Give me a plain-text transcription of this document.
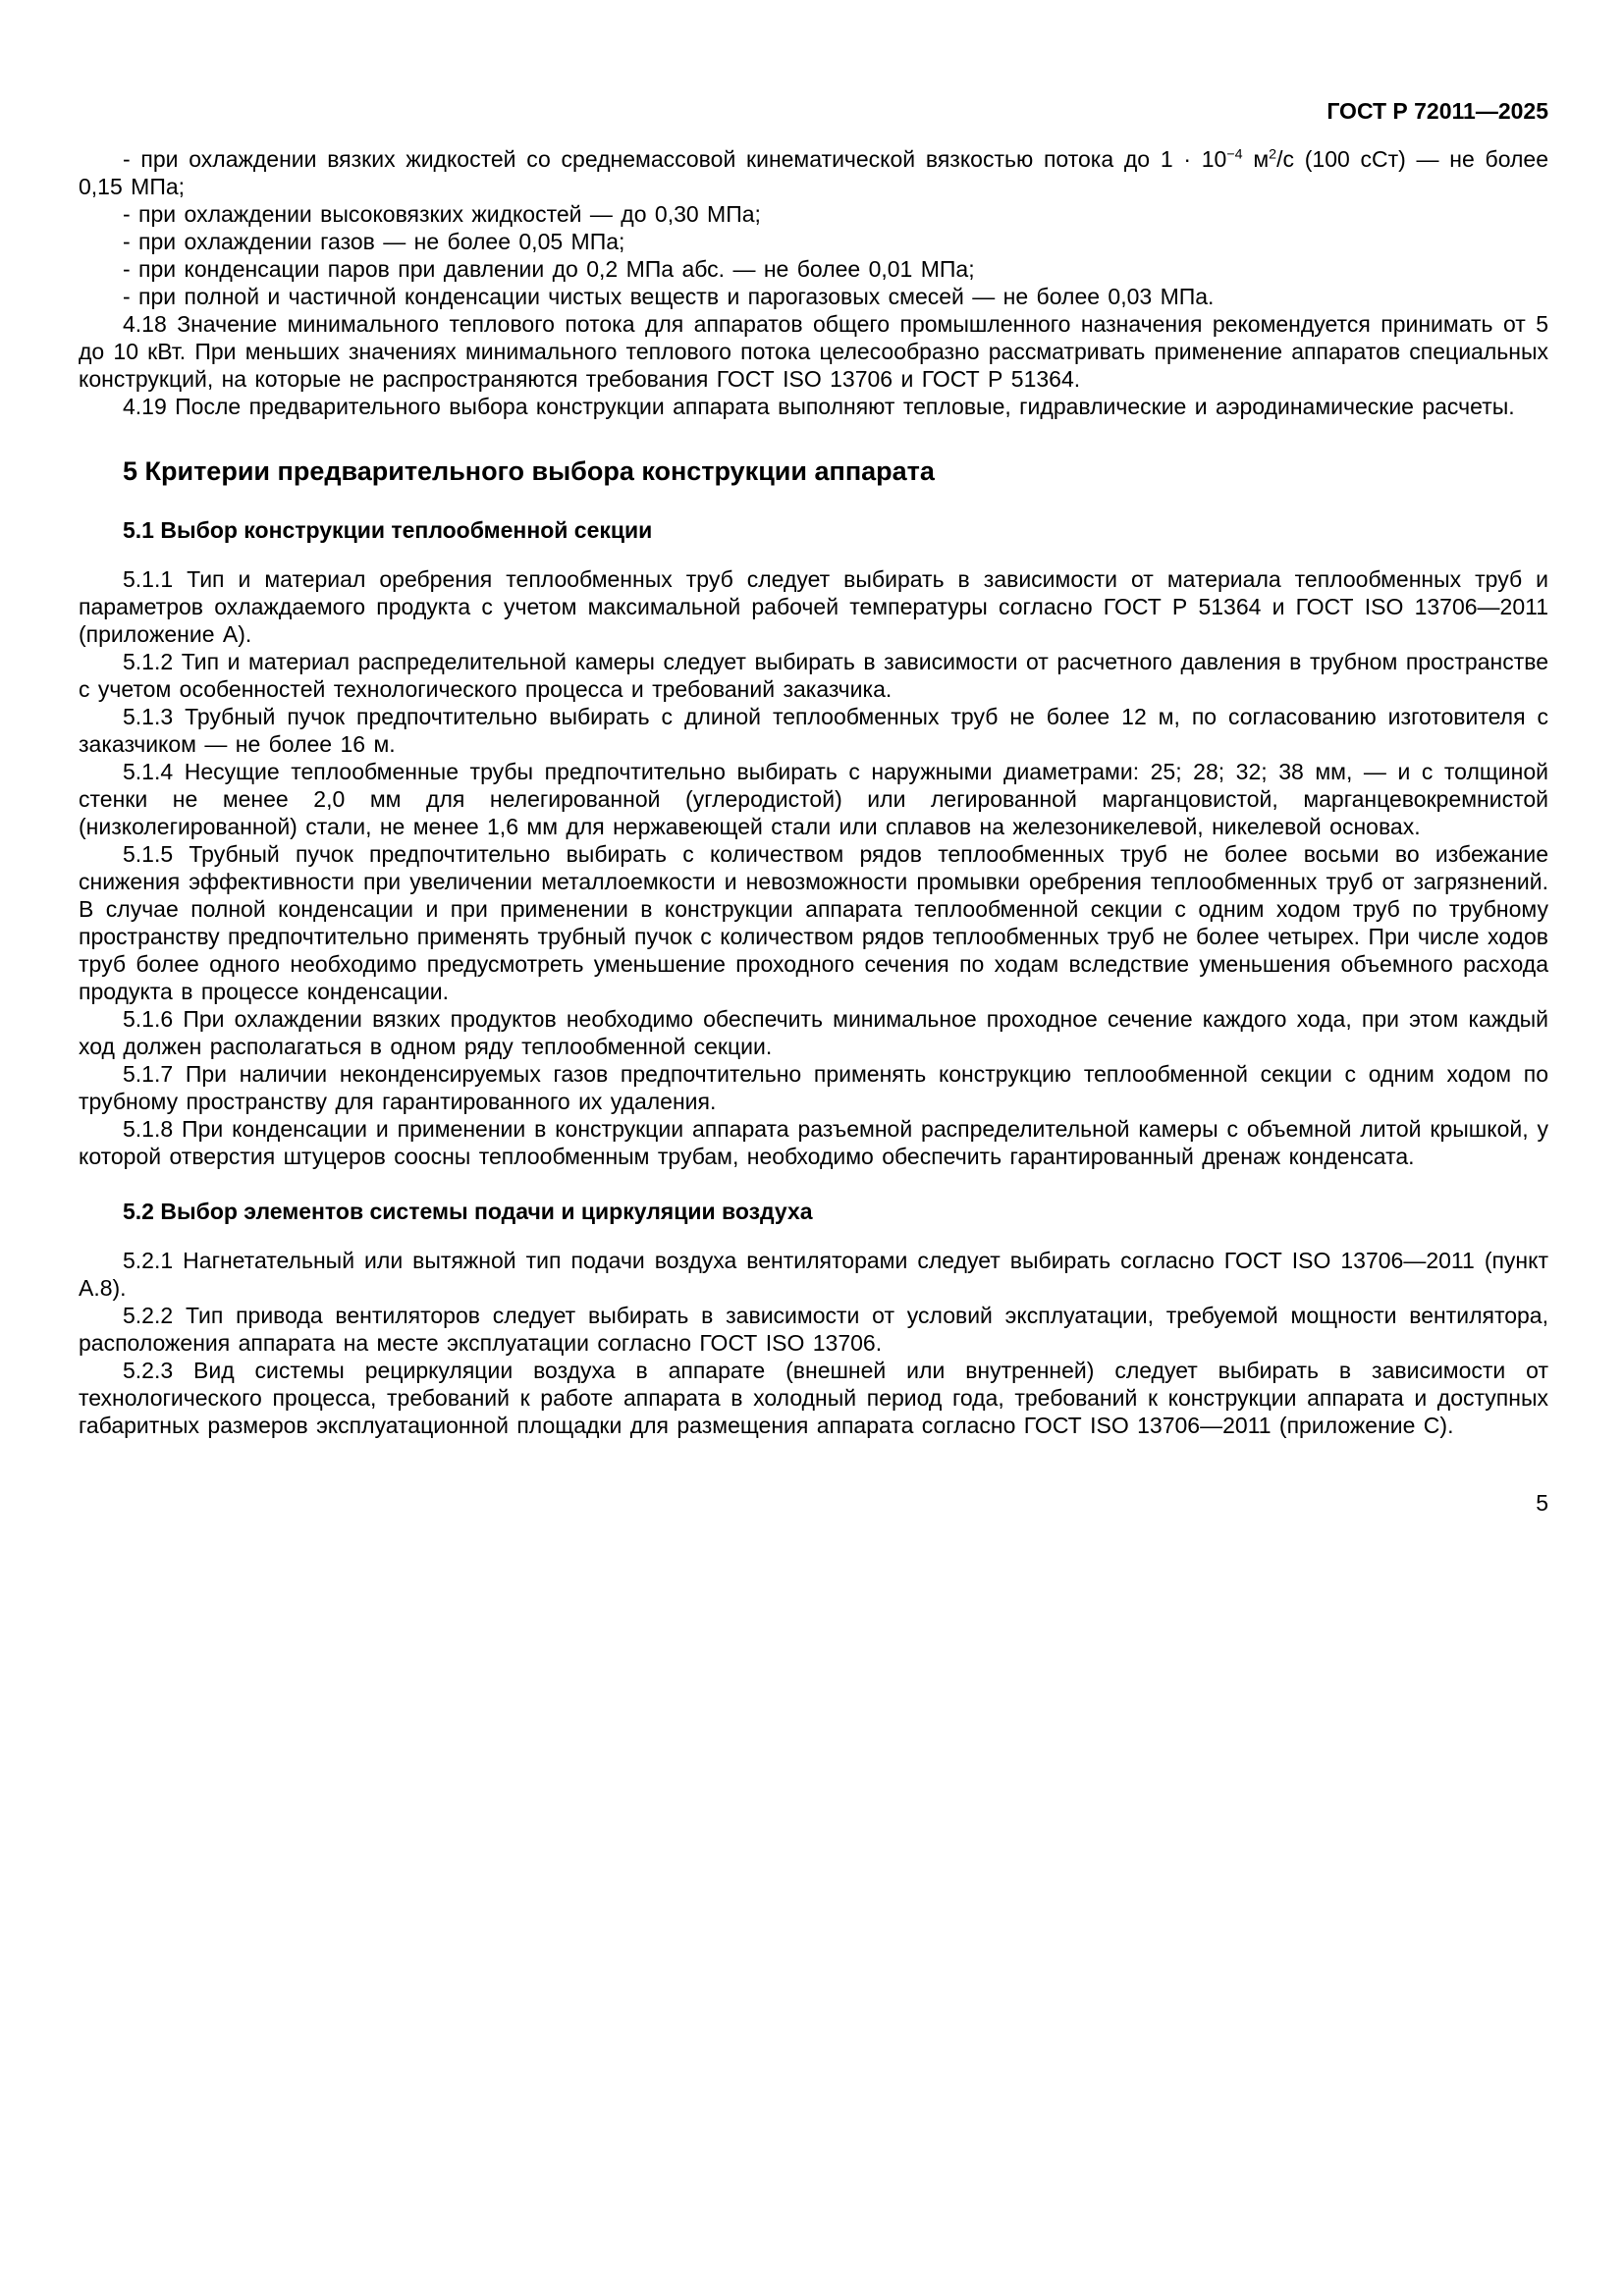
ГОСТ Р 72011—2025

- при охлаждении вязких жидкостей со среднемассовой кинематической вязкостью потока до $1 \cdot 10^{-4}$ $м^2/с$ (100 сСт) — не более 0,15 МПа;

- при охлаждении высоковязких жидкостей — до 0,30 МПа;

- при охлаждении газов — не более 0,05 МПа;

- при конденсации паров при давлении до 0,2 МПа абс. — не более 0,01 МПа;

- при полной и частичной конденсации чистых веществ и парогазовых смесей — не более 0,03 МПа.

4.18 Значение минимального теплового потока для аппаратов общего промышленного назначения рекомендуется принимать от 5 до 10 кВт. При меньших значениях минимального теплового потока целесообразно рассматривать применение аппаратов специальных конструкций, на которые не распространяются требования ГОСТ ISO 13706 и ГОСТ Р 51364.

4.19 После предварительного выбора конструкции аппарата выполняют тепловые, гидравлические и аэродинамические расчеты.

5 Критерии предварительного выбора конструкции аппарата
5.1 Выбор конструкции теплообменной секции

5.1.1 Тип и материал оребрения теплообменных труб следует выбирать в зависимости от материала теплообменных труб и параметров охлаждаемого продукта с учетом максимальной рабочей температуры согласно ГОСТ Р 51364 и ГОСТ ISO 13706—2011 (приложение А).

5.1.2 Тип и материал распределительной камеры следует выбирать в зависимости от расчетного давления в трубном пространстве с учетом особенностей технологического процесса и требований заказчика.

5.1.3 Трубный пучок предпочтительно выбирать с длиной теплообменных труб не более 12 м, по согласованию изготовителя с заказчиком — не более 16 м.

5.1.4 Несущие теплообменные трубы предпочтительно выбирать с наружными диаметрами: 25; 28; 32; 38 мм, — и с толщиной стенки не менее 2,0 мм для нелегированной (углеродистой) или легированной марганцовистой, марганцевокремнистой (низколегированной) стали, не менее 1,6 мм для нержавеющей стали или сплавов на железоникелевой, никелевой основах.

5.1.5 Трубный пучок предпочтительно выбирать с количеством рядов теплообменных труб не более восьми во избежание снижения эффективности при увеличении металлоемкости и невозможности промывки оребрения теплообменных труб от загрязнений. В случае полной конденсации и при применении в конструкции аппарата теплообменной секции с одним ходом труб по трубному пространству предпочтительно применять трубный пучок с количеством рядов теплообменных труб не более четырех. При числе ходов труб более одного необходимо предусмотреть уменьшение проходного сечения по ходам вследствие уменьшения объемного расхода продукта в процессе конденсации.

5.1.6 При охлаждении вязких продуктов необходимо обеспечить минимальное проходное сечение каждого хода, при этом каждый ход должен располагаться в одном ряду теплообменной секции.

5.1.7 При наличии неконденсируемых газов предпочтительно применять конструкцию теплообменной секции с одним ходом по трубному пространству для гарантированного их удаления.

5.1.8 При конденсации и применении в конструкции аппарата разъемной распределительной камеры с объемной литой крышкой, у которой отверстия штуцеров соосны теплообменным трубам, необходимо обеспечить гарантированный дренаж конденсата.

5.2 Выбор элементов системы подачи и циркуляции воздуха

5.2.1 Нагнетательный или вытяжной тип подачи воздуха вентиляторами следует выбирать согласно ГОСТ ISO 13706—2011 (пункт А.8).

5.2.2 Тип привода вентиляторов следует выбирать в зависимости от условий эксплуатации, требуемой мощности вентилятора, расположения аппарата на месте эксплуатации согласно ГОСТ ISO 13706.

5.2.3 Вид системы рециркуляции воздуха в аппарате (внешней или внутренней) следует выбирать в зависимости от технологического процесса, требований к работе аппарата в холодный период года, требований к конструкции аппарата и доступных габаритных размеров эксплуатационной площадки для размещения аппарата согласно ГОСТ ISO 13706—2011 (приложение С).

5
